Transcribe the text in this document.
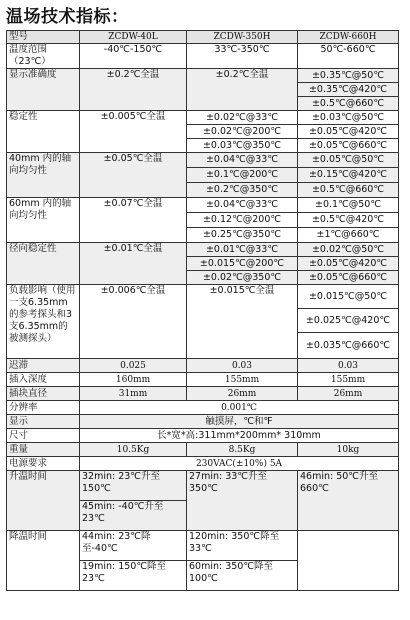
温场技术指标：
型号	ZCDW-40L	ZCDW-350H	ZCDW-660H
温度范围（23℃）	-40℃-150℃	33℃-350℃	50℃-660℃
显示准确度	±0.2℃全温	±0.2℃全温	±0.35℃@50℃
			±0.35℃@420℃
			±0.5℃@660℃
稳定性	±0.005℃全温	±0.02℃@33℃	±0.03℃@50℃
		±0.02℃@200℃	±0.05℃@420℃
		±0.03℃@350℃	±0.05℃@660℃
40mm 内的轴向均匀性	±0.05℃全温	±0.04℃@33℃	±0.05℃@50℃
		±0.1℃@200℃	±0.15℃@420℃
		±0.2℃@350℃	±0.5℃@660℃
60mm 内的轴向均匀性	±0.07℃全温	±0.04℃@33℃	±0.1℃@50℃
		±0.12℃@200℃	±0.5℃@420℃
		±0.25℃@350℃	±1℃@660℃
径向稳定性	±0.01℃全温	±0.01℃@33℃	±0.02℃@50℃
		±0.015℃@200℃	±0.05℃@420℃
		±0.02℃@350℃	±0.05℃@660℃
负载影响（使用一支6.35mm的参考探头和3支6.35mm的被测探头）	±0.006℃全温	±0.015℃全温	±0.015℃@50℃
			±0.025℃@420℃
			±0.035℃@660℃
迟滞	0.025	0.03	0.03
插入深度	160mm	155mm	155mm
插块直径	31mm	26mm	26mm
分辨率	0.001℃		
显示	触摸屏，℃和℉		
尺寸	长*宽*高:311mm*200mm* 310mm		
重量	10.5Kg	8.5Kg	10kg
电源要求	230VAC(±10%) 5A		
升温时间	32min: 23℃升至150℃	27min: 33℃升至350℃	46min: 50℃升至660℃
	45min: -40℃升至23℃		
降温时间	44min: 23℃降至-40℃	120min: 350℃降至33℃	
	19min: 150℃降至23℃	60min: 350℃降至100℃	
